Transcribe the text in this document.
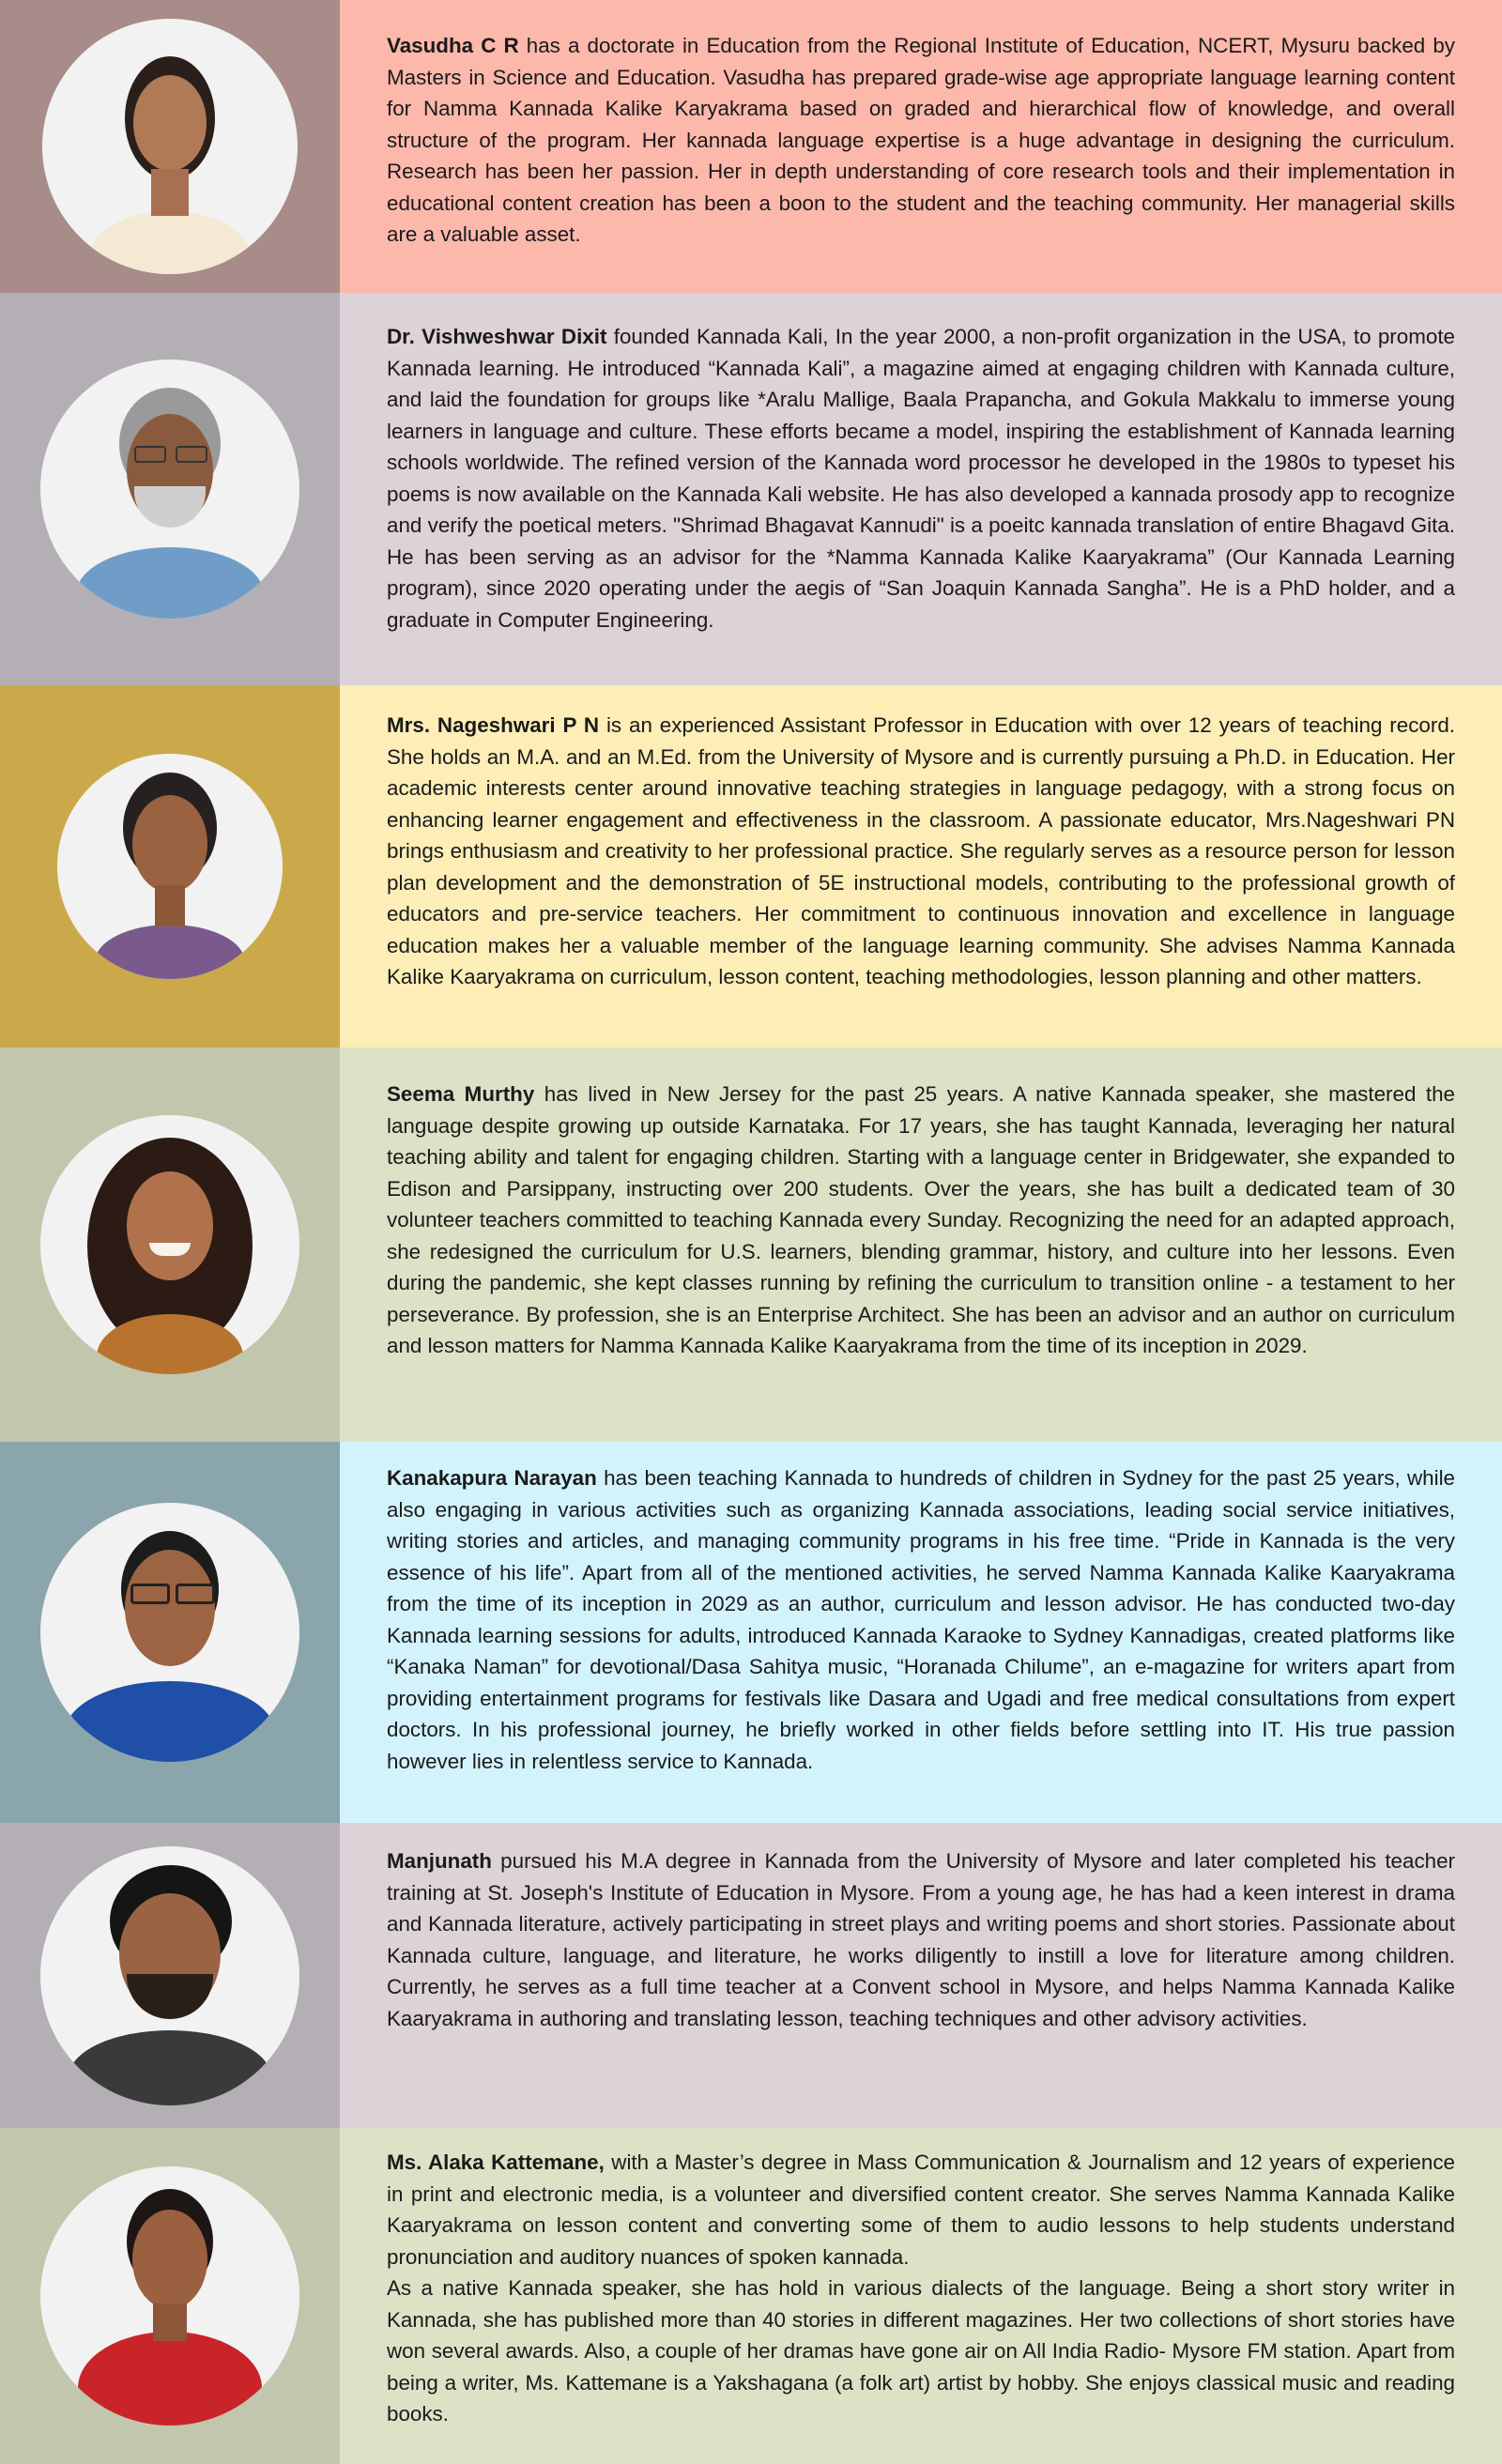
Vasudha C R has a doctorate in Education from the Regional Institute of Education, NCERT, Mysuru backed by Masters in Science and Education. Vasudha has prepared grade-wise age appropriate language learning content for Namma Kannada Kalike Karyakrama based on graded and hierarchical flow of knowledge, and overall structure of the program. Her kannada language expertise is a huge advantage in designing the curriculum. Research has been her passion. Her in depth understanding of core research tools and their implementation in educational content creation has been a boon to the student and the teaching community. Her managerial skills are a valuable asset.

Dr. Vishweshwar Dixit founded Kannada Kali, In the year 2000, a non-profit organization in the USA, to promote Kannada learning. He introduced “Kannada Kali”, a magazine aimed at engaging children with Kannada culture, and laid the foundation for groups like *Aralu Mallige, Baala Prapancha, and Gokula Makkalu to immerse young learners in language and culture. These efforts became a model, inspiring the establishment of Kannada learning schools worldwide. The refined version of the Kannada word processor he developed in the 1980s to typeset his poems is now available on the Kannada Kali website. He has also developed a kannada prosody app to recognize and verify the poetical meters. "Shrimad Bhagavat Kannudi" is a poeitc kannada translation of entire Bhagavd Gita. He has been serving as an advisor for the *Namma Kannada Kalike Kaaryakrama” (Our Kannada Learning program), since 2020 operating under the aegis of “San Joaquin Kannada Sangha”. He is a PhD holder, and a graduate in Computer Engineering.

Mrs. Nageshwari P N is an experienced Assistant Professor in Education with over 12 years of teaching record. She holds an M.A. and an M.Ed. from the University of Mysore and is currently pursuing a Ph.D. in Education. Her academic interests center around innovative teaching strategies in language pedagogy, with a strong focus on enhancing learner engagement and effectiveness in the classroom. A passionate educator, Mrs.Nageshwari PN brings enthusiasm and creativity to her professional practice. She regularly serves as a resource person for lesson plan development and the demonstration of 5E instructional models, contributing to the professional growth of educators and pre-service teachers. Her commitment to continuous innovation and excellence in language education makes her a valuable member of the language learning community. She advises Namma Kannada Kalike Kaaryakrama on curriculum, lesson content, teaching methodologies, lesson planning and other matters.

Seema Murthy has lived in New Jersey for the past 25 years. A native Kannada speaker, she mastered the language despite growing up outside Karnataka. For 17 years, she has taught Kannada, leveraging her natural teaching ability and talent for engaging children. Starting with a language center in Bridgewater, she expanded to Edison and Parsippany, instructing over 200 students. Over the years, she has built a dedicated team of 30 volunteer teachers committed to teaching Kannada every Sunday. Recognizing the need for an adapted approach, she redesigned the curriculum for U.S. learners, blending grammar, history, and culture into her lessons. Even during the pandemic, she kept classes running by refining the curriculum to transition online - a testament to her perseverance. By profession, she is an Enterprise Architect. She has been an advisor and an author on curriculum and lesson matters for Namma Kannada Kalike Kaaryakrama from the time of its inception in 2029.

Kanakapura Narayan has been teaching Kannada to hundreds of children in Sydney for the past 25 years, while also engaging in various activities such as organizing Kannada associations, leading social service initiatives, writing stories and articles, and managing community programs in his free time. “Pride in Kannada is the very essence of his life”. Apart from all of the mentioned activities, he served Namma Kannada Kalike Kaaryakrama from the time of its inception in 2029 as an author, curriculum and lesson advisor. He has conducted two-day Kannada learning sessions for adults, introduced Kannada Karaoke to Sydney Kannadigas, created platforms like “Kanaka Naman” for devotional/Dasa Sahitya music, “Horanada Chilume”, an e-magazine for writers apart from providing entertainment programs for festivals like Dasara and Ugadi and free medical consultations from expert doctors. In his professional journey, he briefly worked in other fields before settling into IT. His true passion however lies in relentless service to Kannada.

Manjunath pursued his M.A degree in Kannada from the University of Mysore and later completed his teacher training at St. Joseph's Institute of Education in Mysore. From a young age, he has had a keen interest in drama and Kannada literature, actively participating in street plays and writing poems and short stories. Passionate about Kannada culture, language, and literature, he works diligently to instill a love for literature among children. Currently, he serves as a full time teacher at a Convent school in Mysore, and helps Namma Kannada Kalike Kaaryakrama in authoring and translating lesson, teaching techniques and other advisory activities.

Ms. Alaka Kattemane, with a Master’s degree in Mass Communication & Journalism and 12 years of experience in print and electronic media, is a volunteer and diversified content creator. She serves Namma Kannada Kalike Kaaryakrama on lesson content and converting some of them to audio lessons to help students understand pronunciation and auditory nuances of spoken kannada.
As a native Kannada speaker, she has hold in various dialects of the language. Being a short story writer in Kannada, she has published more than 40 stories in different magazines. Her two collections of short stories have won several awards. Also, a couple of her dramas have gone air on All India Radio- Mysore FM station. Apart from being a writer, Ms. Kattemane is a Yakshagana (a folk art) artist by hobby. She enjoys classical music and reading books.
